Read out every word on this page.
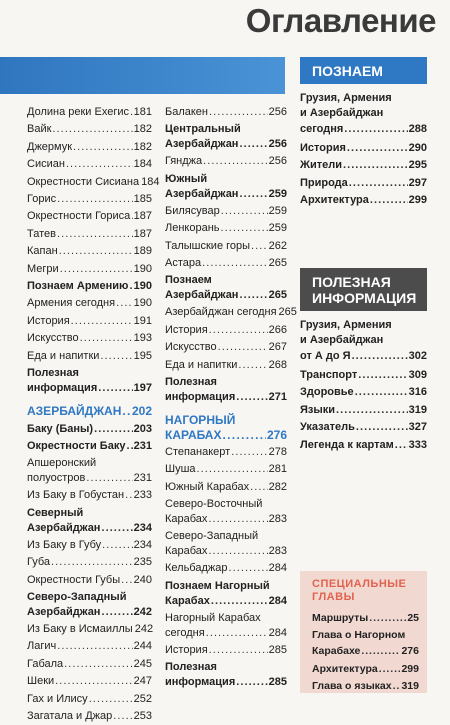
Оглавление
Долина реки Ехегис . . . 181
Вайк . . .	182
Джермук . . .	182
Сисиан . . .	184
Окрестности Сисиана 184
Горис . . .	185
Окрестности Гориса . . . 187
Татев . . .	187
Капан . . .	189
Мегри . . .	190
Познаем Армению . . . 190
Армения сегодня . . . 190
История . . .	191
Искусство . . .	193
Еда и напитки . . .	195
Полезная
информация . . .	197
АЗЕРБАЙДЖАН . . . 202
Баку (Баны) . . .	203
Окрестности Баку . . . 231
Апшеронский
полуостров . . .	231
Из Баку в Гобустан . . . 233
Северный
Азербайджан . . .	234
Из Баку в Губу . . .	234
Губа . . .	235
Окрестности Губы . . . 240
Северо-Западный
Азербайджан . . .	242
Из Баку в Исмаиллы 242
Лагич . . .	244
Габала . . .	245
Шеки . . .	247
Гах и Илису . . .	252
Загатала и Джар . . . 253
Балакен . . .	256
Центральный
Азербайджан . . .	256
Гянджа . . .	256
Южный
Азербайджан . . .	259
Билясувар . . .	259
Ленкорань . . .	259
Талышские горы . . . 262
Астара . . .	265
Познаем
Азербайджан . . .	265
Азербайджан сегодня 265
История . . .	266
Искусство . . .	267
Еда и напитки . . .	268
Полезная
информация . . .	271
НАГОРНЫЙ
КАРАБАХ . . .	276
Степанакерт . . .	278
Шуша . . .	281
Южный Карабах . . . 282
Северо-Восточный
Карабах . . .	283
Северо-Западный
Карабах . . .	283
Кельбаджар . . .	284
Познаем Нагорный
Карабах . . .	284
Нагорный Карабах
сегодня . . .	284
История . . .	285
Полезная
информация . . .	285
ПОЗНАЕМ
Грузия, Армения
и Азербайджан
сегодня . . .	288
История . . .	290
Жители . . .	295
Природа . . .	297
Архитектура . . .	299
ПОЛЕЗНАЯ
ИНФОРМАЦИЯ
Грузия, Армения
и Азербайджан
от А до Я . . .	302
Транспорт . . .	309
Здоровье . . .	316
Языки . . .	319
Указатель . . .	327
Легенда к картам . . . 333
СПЕЦИАЛЬНЫЕ
ГЛАВЫ
Маршруты . . .	25
Глава о Нагорном
Карабахе . . .	276
Архитектура . . . 299
Глава о языках . . . 319
